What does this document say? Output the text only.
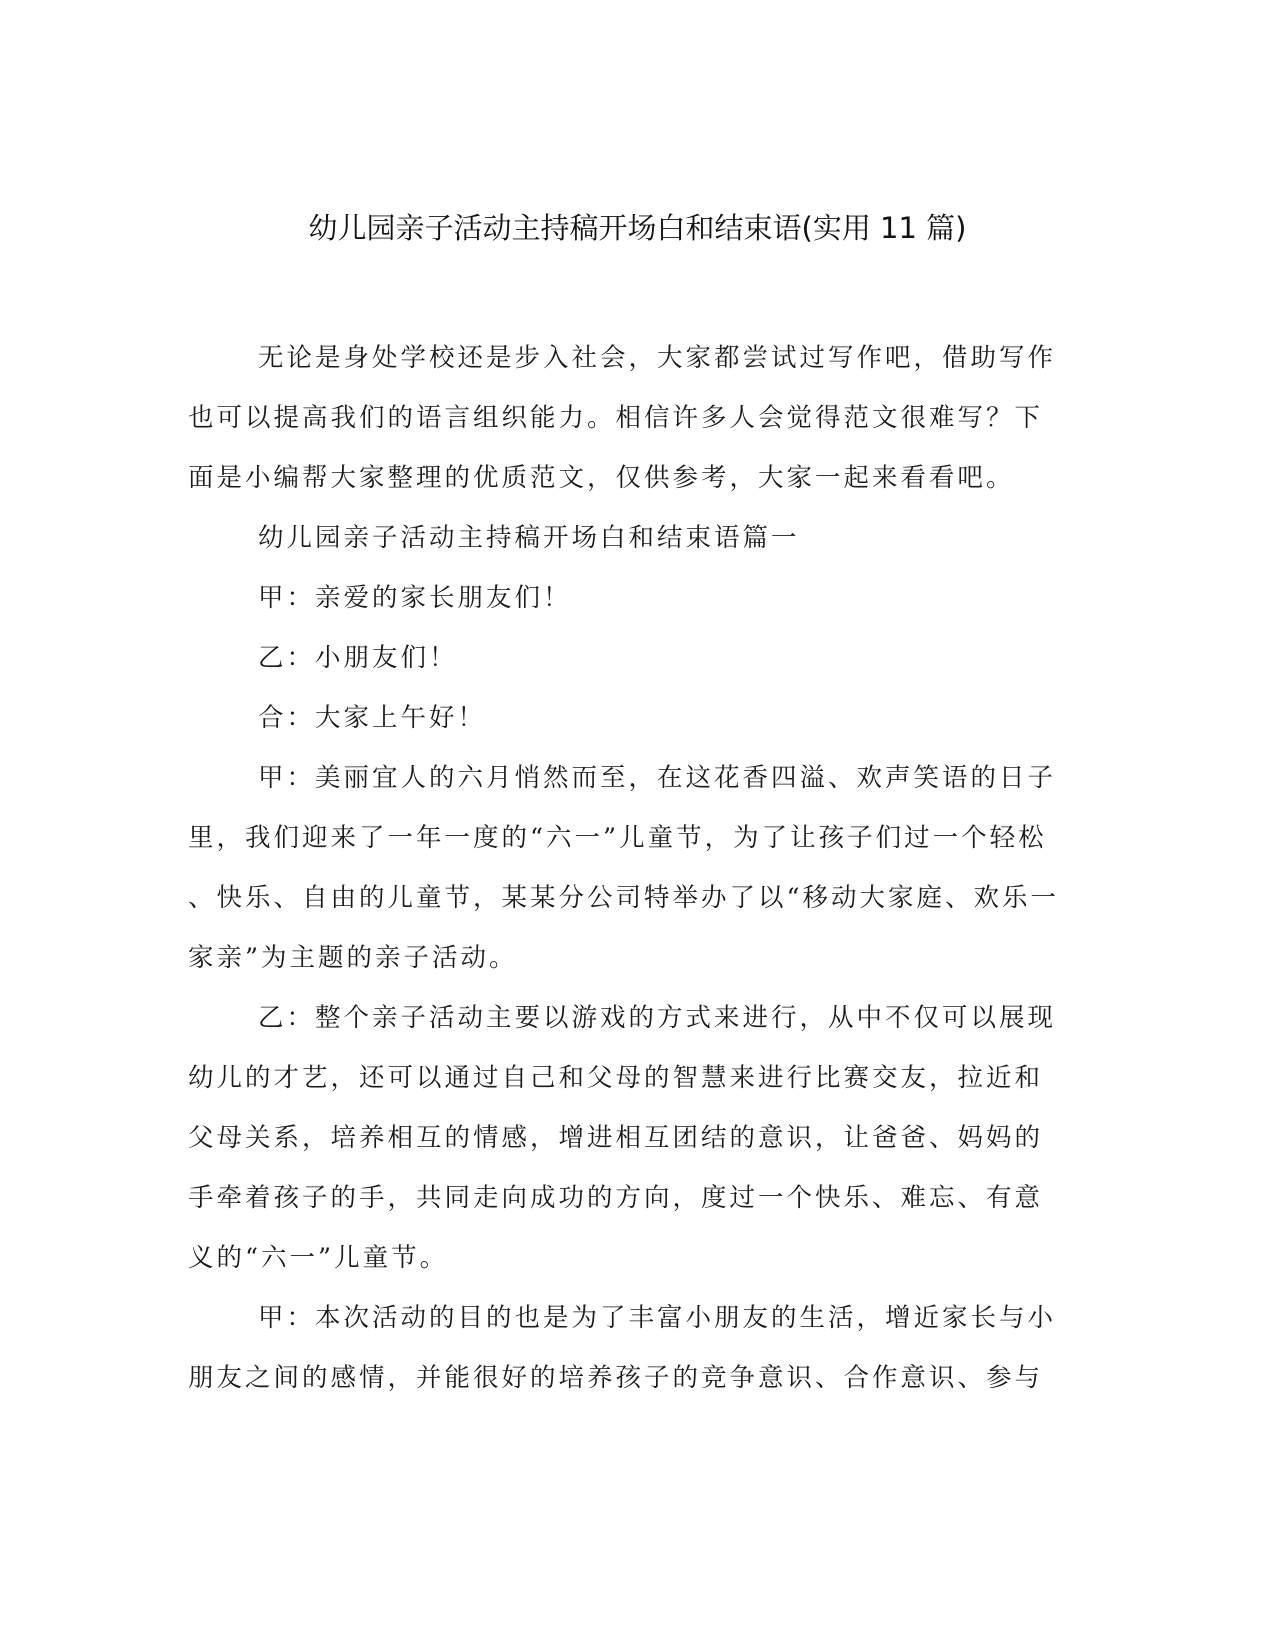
幼儿园亲子活动主持稿开场白和结束语(实用 11 篇)
无论是身处学校还是步入社会，大家都尝试过写作吧，借助写作
也可以提高我们的语言组织能力。相信许多人会觉得范文很难写？下
面是小编帮大家整理的优质范文，仅供参考，大家一起来看看吧。
幼儿园亲子活动主持稿开场白和结束语篇一
甲：亲爱的家长朋友们！
乙：小朋友们！
合：大家上午好！
甲：美丽宜人的六月悄然而至，在这花香四溢、欢声笑语的日子
里，我们迎来了一年一度的“六一”儿童节，为了让孩子们过一个轻松
、快乐、自由的儿童节，某某分公司特举办了以“移动大家庭、欢乐一
家亲”为主题的亲子活动。
乙：整个亲子活动主要以游戏的方式来进行，从中不仅可以展现
幼儿的才艺，还可以通过自己和父母的智慧来进行比赛交友，拉近和
父母关系，培养相互的情感，增进相互团结的意识，让爸爸、妈妈的
手牵着孩子的手，共同走向成功的方向，度过一个快乐、难忘、有意
义的“六一”儿童节。
甲：本次活动的目的也是为了丰富小朋友的生活，增近家长与小
朋友之间的感情，并能很好的培养孩子的竞争意识、合作意识、参与
